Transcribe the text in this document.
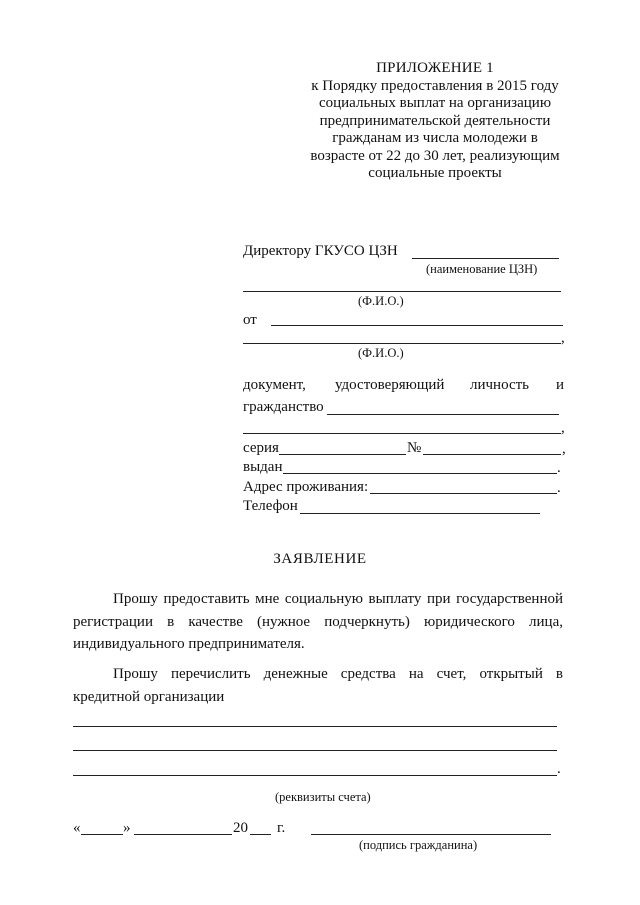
ПРИЛОЖЕНИЕ 1
к Порядку предоставления в 2015 году
социальных выплат на организацию
предпринимательской деятельности
гражданам из числа молодежи в
возрасте от 22 до 30 лет, реализующим
социальные проекты
Директору ГКУСО ЦЗН
(наименование ЦЗН)
(Ф.И.О.)
от
,
(Ф.И.О.)
документ, удостоверяющий личность и
гражданство
,
серия	№	,
выдан	.
Адрес проживания:	.
Телефон
ЗАЯВЛЕНИЕ
Прошу предоставить мне социальную выплату при государственной регистрации в качестве (нужное подчеркнуть) юридического лица, индивидуального предпринимателя.
Прошу перечислить денежные средства на счет, открытый в кредитной организации
.
(реквизиты счета)
«	»	20 г.
(подпись гражданина)
